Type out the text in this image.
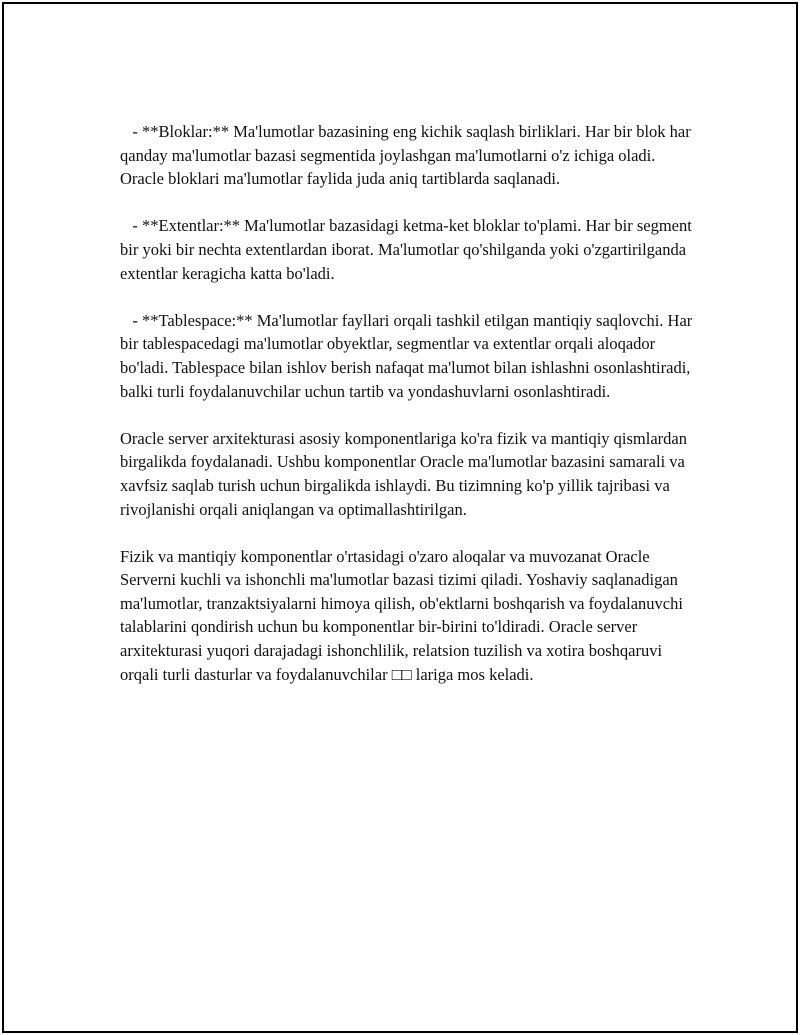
- **Bloklar:** Ma'lumotlar bazasining eng kichik saqlash birliklari. Har bir blok har qanday ma'lumotlar bazasi segmentida joylashgan ma'lumotlarni o'z ichiga oladi. Oracle bloklari ma'lumotlar faylida juda aniq tartiblarda saqlanadi.

- **Extentlar:** Ma'lumotlar bazasidagi ketma-ket bloklar to'plami. Har bir segment bir yoki bir nechta extentlardan iborat. Ma'lumotlar qo'shilganda yoki o'zgartirilganda extentlar keragicha katta bo'ladi.

- **Tablespace:** Ma'lumotlar fayllari orqali tashkil etilgan mantiqiy saqlovchi. Har bir tablespacedagi ma'lumotlar obyektlar, segmentlar va extentlar orqali aloqador bo'ladi. Tablespace bilan ishlov berish nafaqat ma'lumot bilan ishlashni osonlashtiradi, balki turli foydalanuvchilar uchun tartib va yondashuvlarni osonlashtiradi.

Oracle server arxitekturasi asosiy komponentlariga ko'ra fizik va mantiqiy qismlardan birgalikda foydalanadi. Ushbu komponentlar Oracle ma'lumotlar bazasini samarali va xavfsiz saqlab turish uchun birgalikda ishlaydi. Bu tizimning ko'p yillik tajribasi va rivojlanishi orqali aniqlangan va optimallashtirilgan.

Fizik va mantiqiy komponentlar o'rtasidagi o'zaro aloqalar va muvozanat Oracle Serverni kuchli va ishonchli ma'lumotlar bazasi tizimi qiladi. Yoshaviy saqlanadigan ma'lumotlar, tranzaktsiyalarni himoya qilish, ob'ektlarni boshqarish va foydalanuvchi talablarini qondirish uchun bu komponentlar bir-birini to'ldiradi. Oracle server arxitekturasi yuqori darajadagi ishonchlilik, relatsion tuzilish va xotira boshqaruvi orqali turli dasturlar va foydalanuvchilar □□ lariga mos keladi.
